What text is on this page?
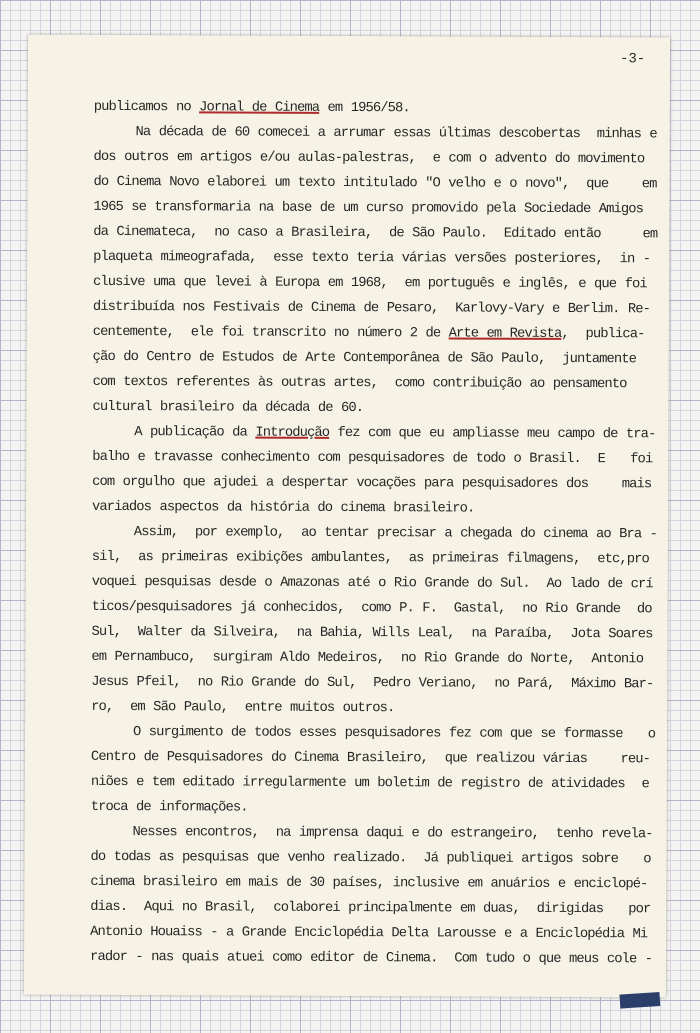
-3-
publicamos no Jornal de Cinema em 1956/58.
Na década de 60 comecei a arrumar essas últimas descobertas  minhas e
dos outros em artigos e/ou aulas-palestras,  e com o advento do movimento
do Cinema Novo elaborei um texto intitulado "O velho e o novo",  que    em
1965 se transformaria na base de um curso promovido pela Sociedade Amigos
da Cinemateca,  no caso a Brasileira,  de São Paulo.  Editado então     em
plaqueta mimeografada,  esse texto teria várias versões posteriores,  in -
clusive uma que levei à Europa em 1968,  em português e inglês, e que foi
distribuída nos Festivais de Cinema de Pesaro,  Karlovy-Vary e Berlim. Re-
centemente,  ele foi transcrito no número 2 de Arte em Revista,  publica-
ção do Centro de Estudos de Arte Contemporânea de São Paulo,  juntamente
com textos referentes às outras artes,  como contribuição ao pensamento
cultural brasileiro da década de 60.
A publicação da Introdução fez com que eu ampliasse meu campo de tra-
balho e travasse conhecimento com pesquisadores de todo o Brasil.  E   foi
com orgulho que ajudei a despertar vocações para pesquisadores dos    mais
variados aspectos da história do cinema brasileiro.
Assim,  por exemplo,  ao tentar precisar a chegada do cinema ao Bra -
sil,  as primeiras exibições ambulantes,  as primeiras filmagens,  etc,pro
voquei pesquisas desde o Amazonas até o Rio Grande do Sul.  Ao lado de crí
ticos/pesquisadores já conhecidos,  como P. F.  Gastal,  no Rio Grande  do
Sul,  Walter da Silveira,  na Bahia, Wills Leal,  na Paraíba,  Jota Soares
em Pernambuco,  surgiram Aldo Medeiros,  no Rio Grande do Norte,  Antonio
Jesus Pfeil,  no Rio Grande do Sul,  Pedro Veriano,  no Pará,  Máximo Bar-
ro,  em São Paulo,  entre muitos outros.
O surgimento de todos esses pesquisadores fez com que se formasse   o
Centro de Pesquisadores do Cinema Brasileiro,  que realizou várias    reu-
niões e tem editado irregularmente um boletim de registro de atividades  e
troca de informações.
Nesses encontros,  na imprensa daqui e do estrangeiro,  tenho revela-
do todas as pesquisas que venho realizado.  Já publiquei artigos sobre   o
cinema brasileiro em mais de 30 países, inclusive em anuários e enciclopé-
dias.  Aqui no Brasil,  colaborei principalmente em duas,  dirigidas   por
Antonio Houaiss - a Grande Enciclopédia Delta Larousse e a Enciclopédia Mi
rador - nas quais atuei como editor de Cinema.  Com tudo o que meus cole -
